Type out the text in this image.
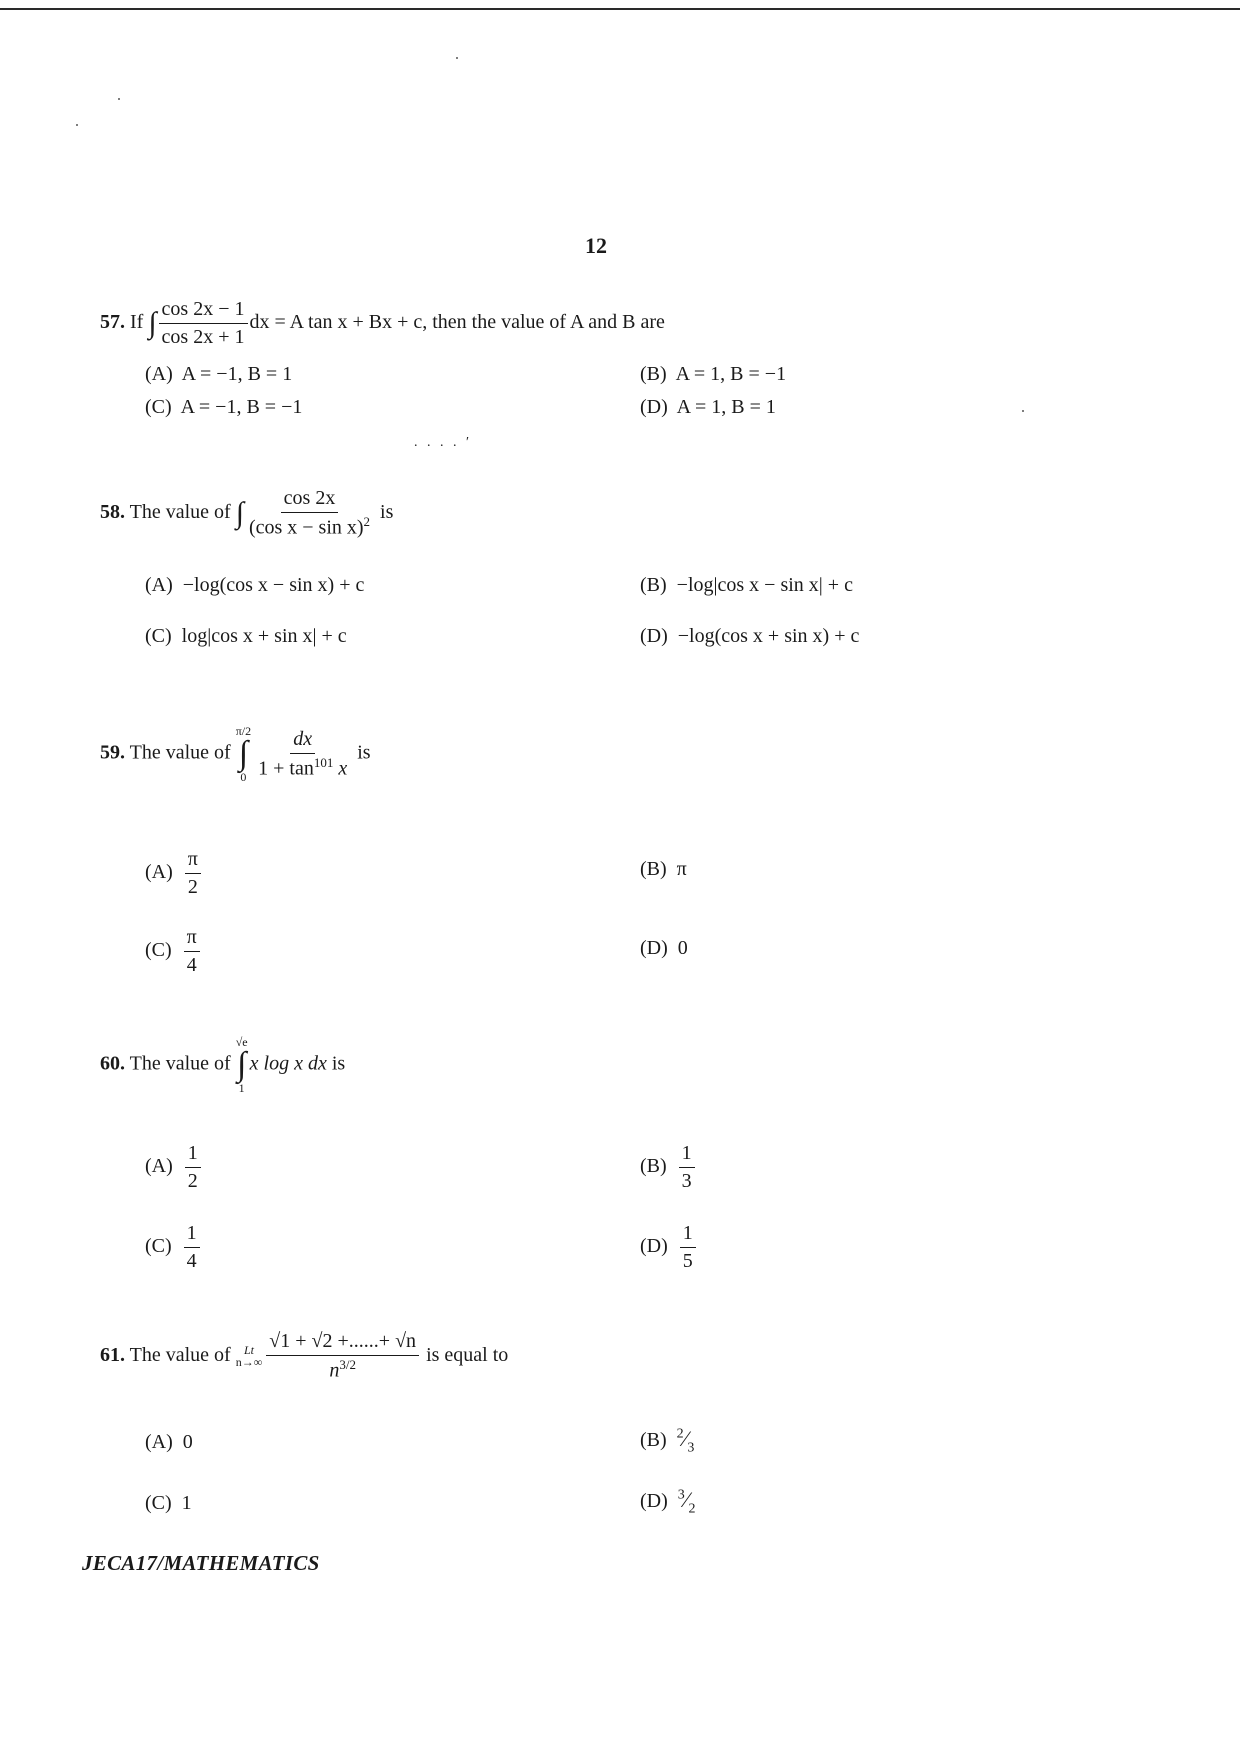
12
57. If ∫ $\frac{\cos 2x - 1}{\cos 2x + 1}$ dx = A tan x + Bx + c, then the value of A and B are
(A)  A = −1, B = 1	(B)  A = 1, B = −1
(C)  A = −1, B = −1	(D)  A = 1, B = 1
. . . . ′
58. The value of ∫ $\frac{\cos 2x}{(\cos x - \sin x)^2}$ is
(A)  −log(cos x − sin x) + c	(B)  −log|cos x − sin x| + c
(C)  log|cos x + sin x| + c	(D)  −log(cos x + sin x) + c
59. The value of
π/2
∫
$0 \frac{dx}{1 + \tan^{101} x}$ is
$(A) \frac{\pi}{2}$	(B)  π
$(C) \frac{\pi}{4}$	(D)  0
60. The value of
√e
∫
1
x log x dx is
$(A) \frac{1}{2}$	$(B) \frac{1}{3}$
$(C) \frac{1}{4}$	$(D) \frac{1}{5}$
61. The value of Lt
$n\to\infty \frac{√1 + √2 +......+ √n}{n^{3/2}}$ is equal to
(A)  0	(B)  $^2⁄_3$
(C)  1	(D)  $^3⁄_2$
JECA17/MATHEMATICS
